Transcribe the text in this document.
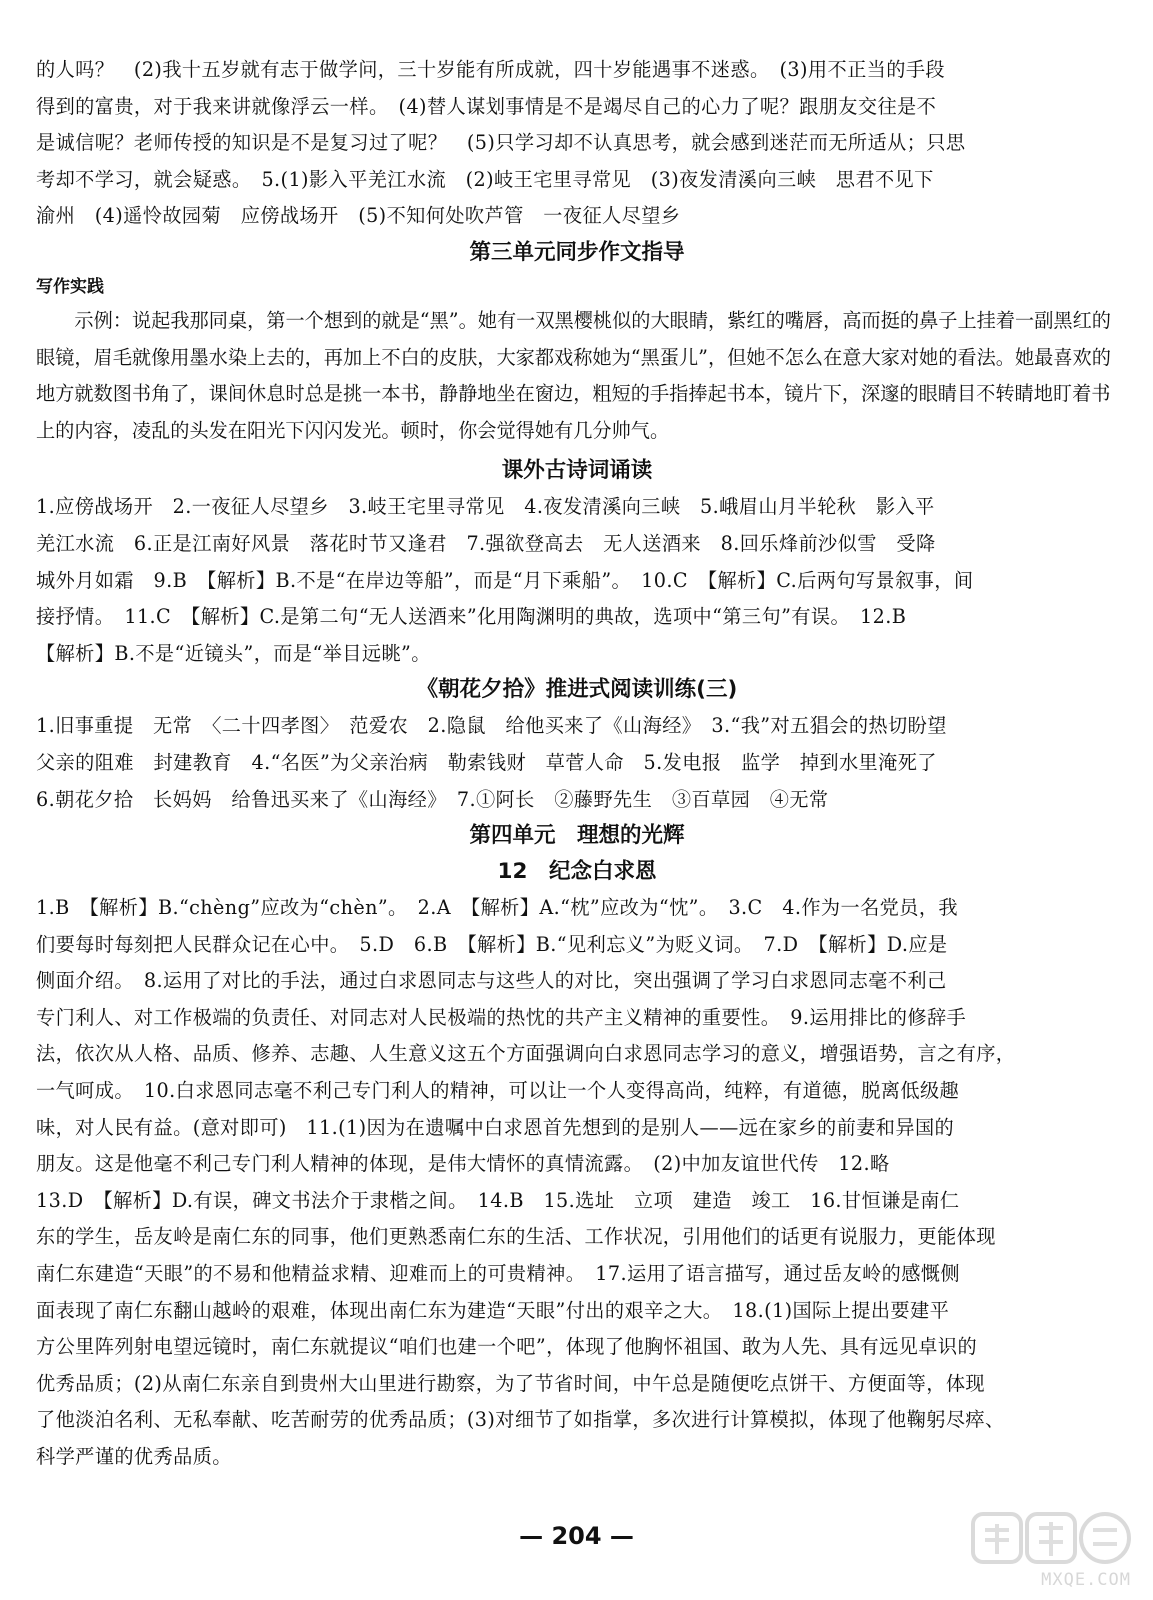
的人吗？　(2)我十五岁就有志于做学问，三十岁能有所成就，四十岁能遇事不迷惑。　(3)用不正当的手段

得到的富贵，对于我来讲就像浮云一样。　(4)替人谋划事情是不是竭尽自己的心力了呢？跟朋友交往是不

是诚信呢？老师传授的知识是不是复习过了呢？　(5)只学习却不认真思考，就会感到迷茫而无所适从；只思

考却不学习，就会疑惑。　5.(1)影入平羌江水流　(2)岐王宅里寻常见　(3)夜发清溪向三峡　思君不见下

渝州　(4)遥怜故园菊　应傍战场开　(5)不知何处吹芦管　一夜征人尽望乡

第三单元同步作文指导
写作实践

示例：说起我那同桌，第一个想到的就是“黑”。她有一双黑樱桃似的大眼睛，紫红的嘴唇，高而挺的鼻子上挂着一副黑红的眼镜，眉毛就像用墨水染上去的，再加上不白的皮肤，大家都戏称她为“黑蛋儿”，但她不怎么在意大家对她的看法。她最喜欢的地方就数图书角了，课间休息时总是挑一本书，静静地坐在窗边，粗短的手指捧起书本，镜片下，深邃的眼睛目不转睛地盯着书上的内容，凌乱的头发在阳光下闪闪发光。顿时，你会觉得她有几分帅气。

课外古诗词诵读

1.应傍战场开　2.一夜征人尽望乡　3.岐王宅里寻常见　4.夜发清溪向三峡　5.峨眉山月半轮秋　影入平

羌江水流　6.正是江南好风景　落花时节又逢君　7.强欲登高去　无人送酒来　8.回乐烽前沙似雪　受降

城外月如霜　9.B　【解析】B.不是“在岸边等船”，而是“月下乘船”。　10.C　【解析】C.后两句写景叙事，间

接抒情。　11.C　【解析】C.是第二句“无人送酒来”化用陶渊明的典故，选项中“第三句”有误。　12.B

【解析】B.不是“近镜头”，而是“举目远眺”。

《朝花夕拾》推进式阅读训练(三)

1.旧事重提　无常　〈二十四孝图〉　范爱农　2.隐鼠　给他买来了《山海经》　3.“我”对五猖会的热切盼望

父亲的阻难　封建教育　4.“名医”为父亲治病　勒索钱财　草菅人命　5.发电报　监学　掉到水里淹死了

6.朝花夕拾　长妈妈　给鲁迅买来了《山海经》　7.①阿长　②藤野先生　③百草园　④无常

第四单元　理想的光辉
12　纪念白求恩

1.B　【解析】B.“chèng”应改为“chèn”。　2.A　【解析】A.“枕”应改为“忱”。　3.C　4.作为一名党员，我

们要每时每刻把人民群众记在心中。　5.D　6.B　【解析】B.“见利忘义”为贬义词。　7.D　【解析】D.应是

侧面介绍。　8.运用了对比的手法，通过白求恩同志与这些人的对比，突出强调了学习白求恩同志毫不利己

专门利人、对工作极端的负责任、对同志对人民极端的热忱的共产主义精神的重要性。　9.运用排比的修辞手

法，依次从人格、品质、修养、志趣、人生意义这五个方面强调向白求恩同志学习的意义，增强语势，言之有序，

一气呵成。　10.白求恩同志毫不利己专门利人的精神，可以让一个人变得高尚，纯粹，有道德，脱离低级趣

味，对人民有益。(意对即可)　11.(1)因为在遗嘱中白求恩首先想到的是别人——远在家乡的前妻和异国的

朋友。这是他毫不利己专门利人精神的体现，是伟大情怀的真情流露。　(2)中加友谊世代传　12.略

13.D　【解析】D.有误，碑文书法介于隶楷之间。　14.B　15.选址　立项　建造　竣工　16.甘恒谦是南仁

东的学生，岳友岭是南仁东的同事，他们更熟悉南仁东的生活、工作状况，引用他们的话更有说服力，更能体现

南仁东建造“天眼”的不易和他精益求精、迎难而上的可贵精神。　17.运用了语言描写，通过岳友岭的感慨侧

面表现了南仁东翻山越岭的艰难，体现出南仁东为建造“天眼”付出的艰辛之大。　18.(1)国际上提出要建平

方公里阵列射电望远镜时，南仁东就提议“咱们也建一个吧”，体现了他胸怀祖国、敢为人先、具有远见卓识的

优秀品质；(2)从南仁东亲自到贵州大山里进行勘察，为了节省时间，中午总是随便吃点饼干、方便面等，体现

了他淡泊名利、无私奉献、吃苦耐劳的优秀品质；(3)对细节了如指掌，多次进行计算模拟，体现了他鞠躬尽瘁、

科学严谨的优秀品质。

— 204 —
MXQE.COM
